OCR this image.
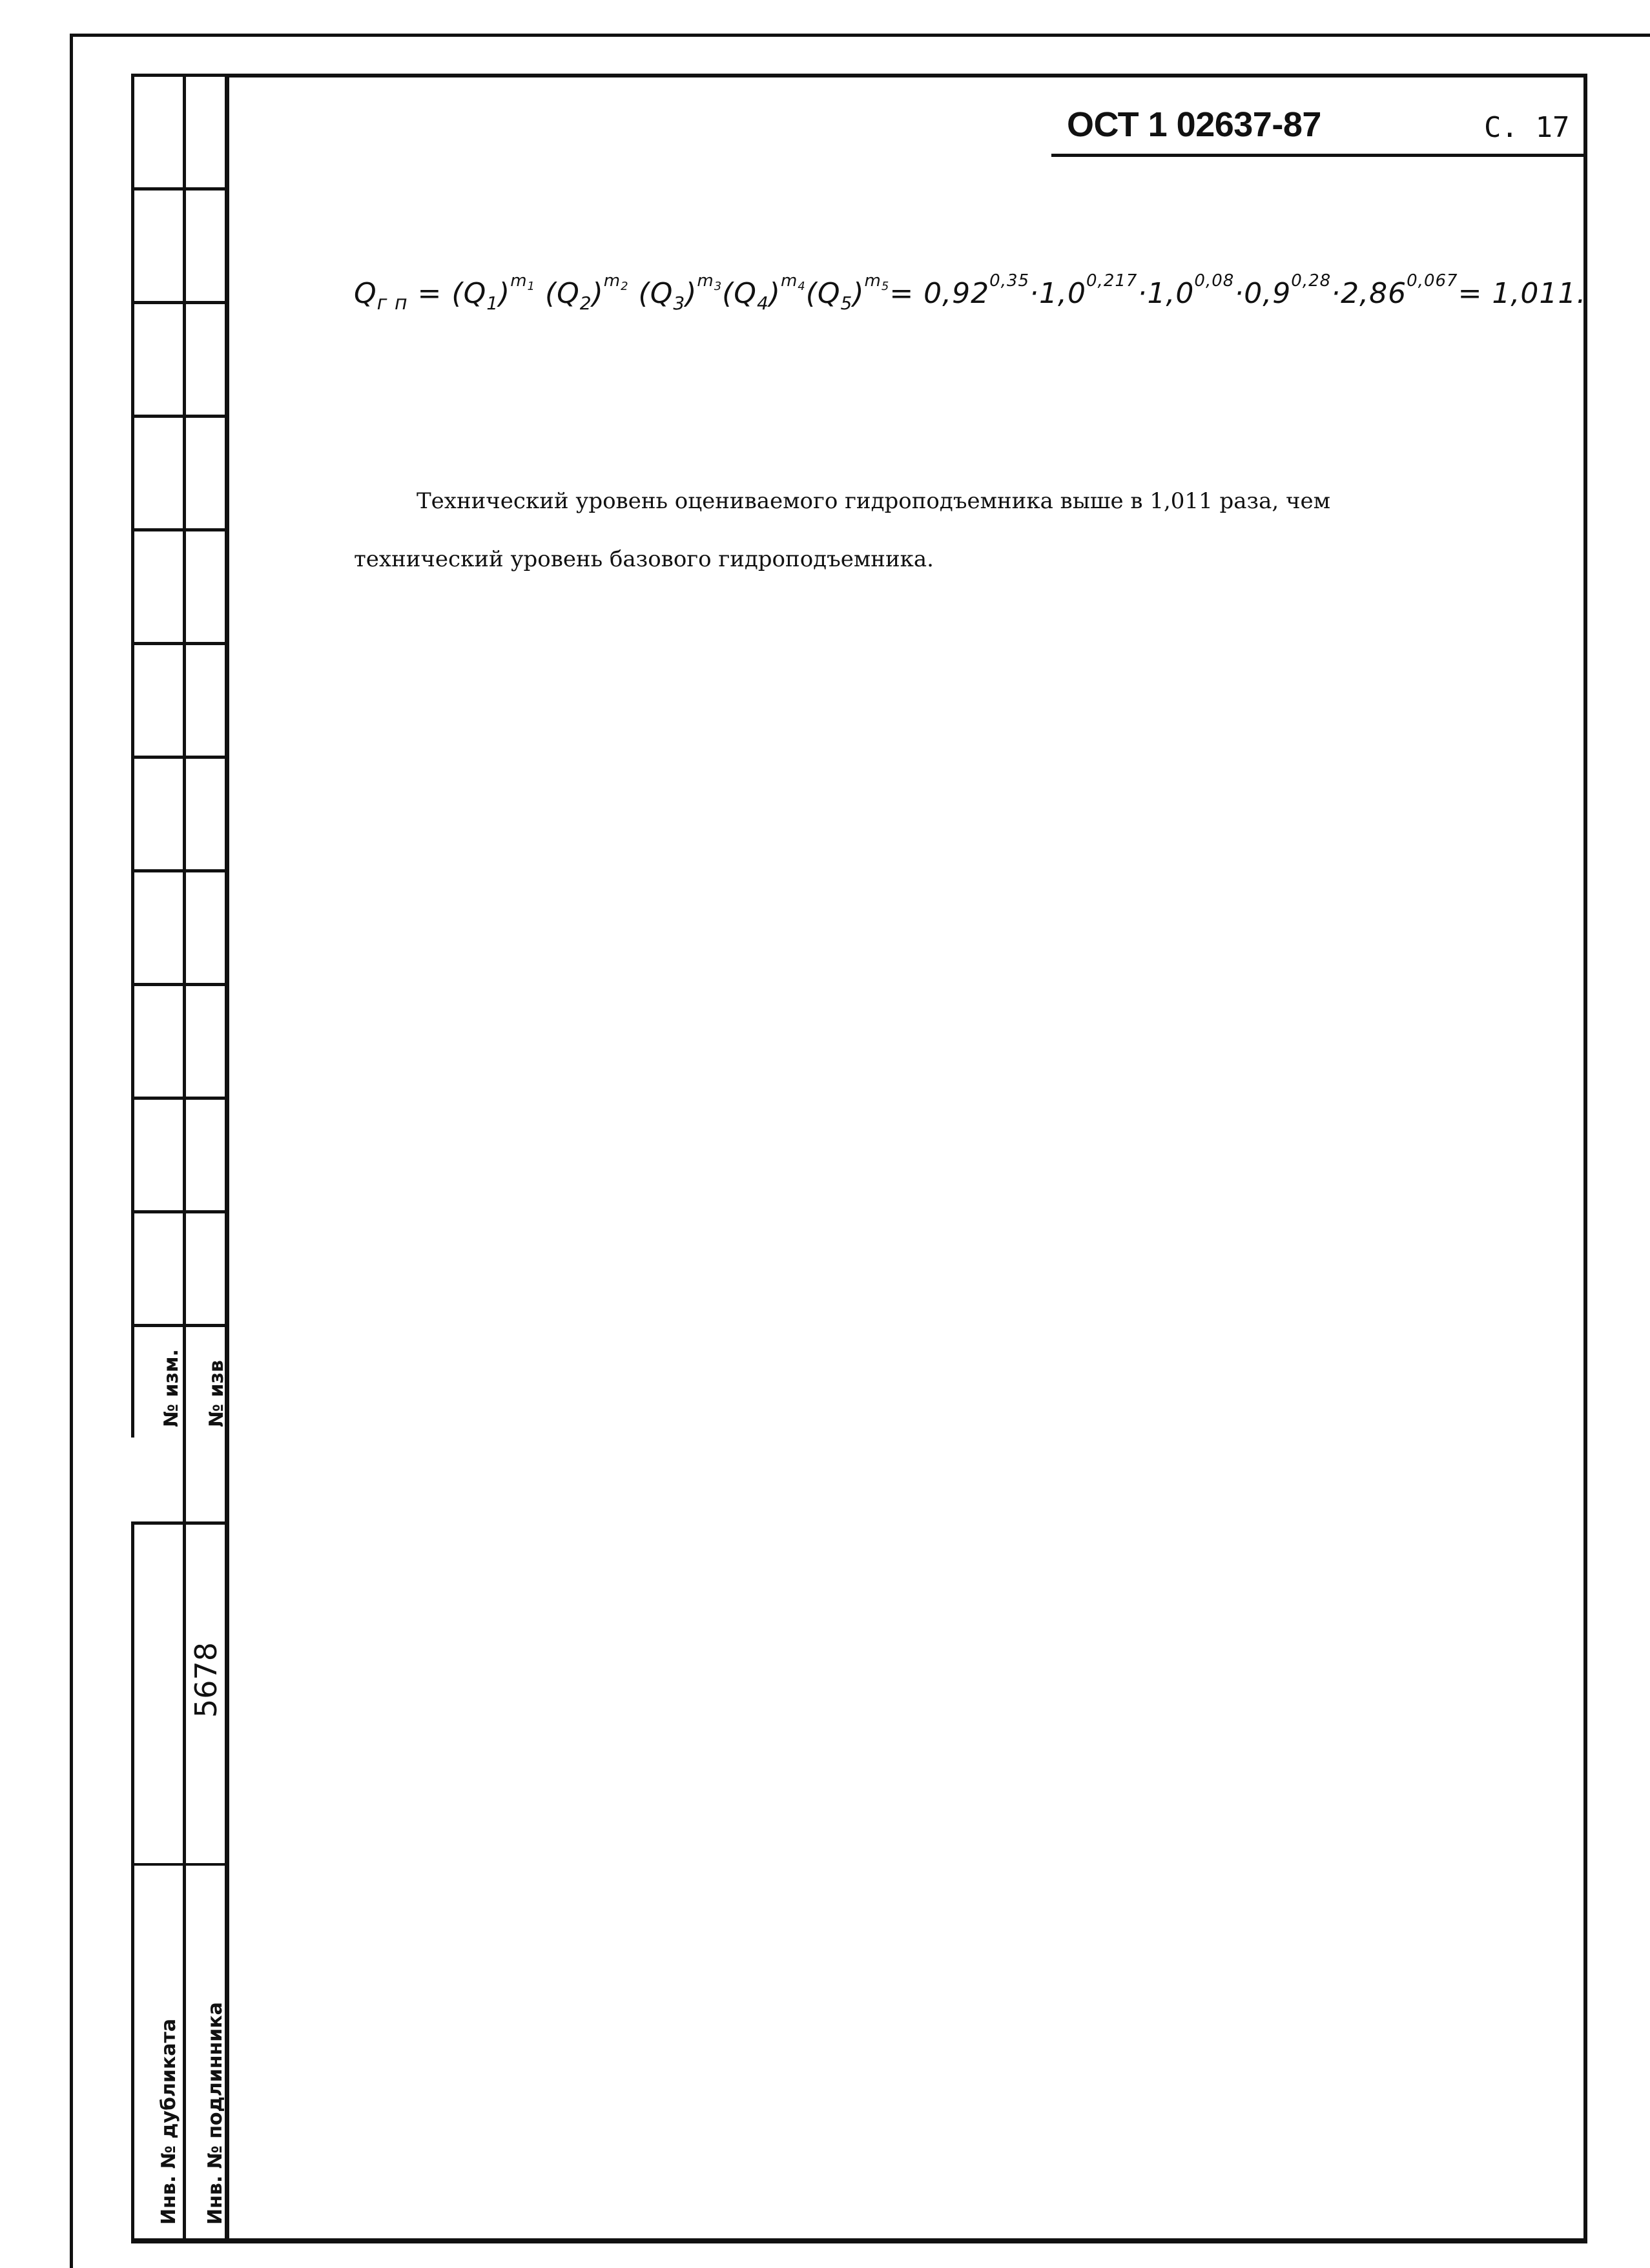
№ изм. № изв
Инв. № дубликата Инв. № подлинника
5678
ОСТ 1 02637-87	С. 17
$Q_{г п} = (Q_1)^{m_1}$ $(Q_2)^{m_2}$ $(Q_3)^{m_3}(Q_4)^{m_4}(Q_5)^{m_5}= 0,92^{0,35}\cdot 1,0^{0,217}\cdot 1,0^{0,08}\cdot 0,9^{0,28}\cdot 2,86^{0,067}= 1,011$.
Технический уровень оцениваемого гидроподъемника выше в 1,011 раза, чем
технический уровень базового гидроподъемника.
